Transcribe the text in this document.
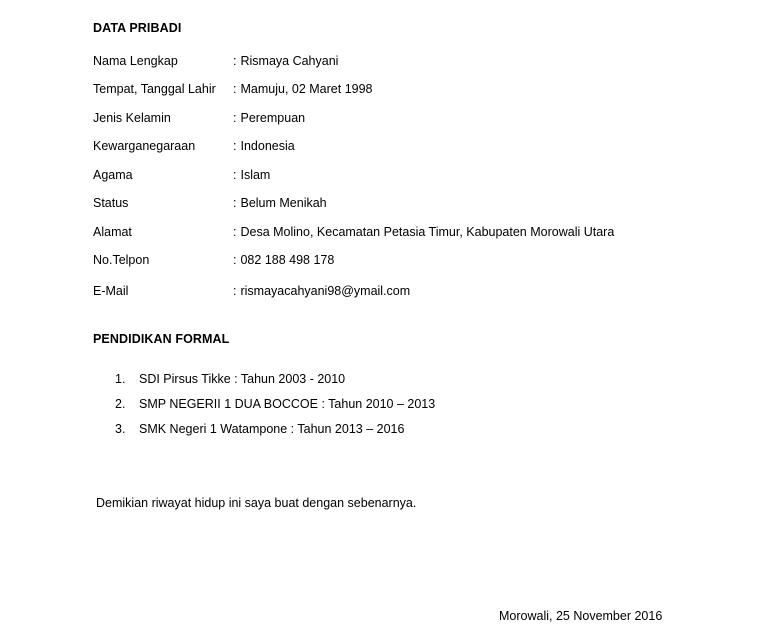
DATA PRIBADI
Nama Lengkap	: Rismaya Cahyani
Tempat, Tanggal Lahir : Mamuju, 02 Maret 1998
Jenis Kelamin	: Perempuan
Kewarganegaraan	: Indonesia
Agama	: Islam
Status	: Belum Menikah
Alamat	: Desa Molino, Kecamatan Petasia Timur, Kabupaten Morowali Utara
No.Telpon	: 082 188 498 178
E-Mail	: rismayacahyani98@ymail.com
PENDIDIKAN FORMAL
1. SDI Pirsus Tikke : Tahun 2003 - 2010
2. SMP NEGERII 1 DUA BOCCOE : Tahun 2010 – 2013
3. SMK Negeri 1 Watampone : Tahun 2013 – 2016
Demikian riwayat hidup ini saya buat dengan sebenarnya.
Morowali, 25 November 2016
